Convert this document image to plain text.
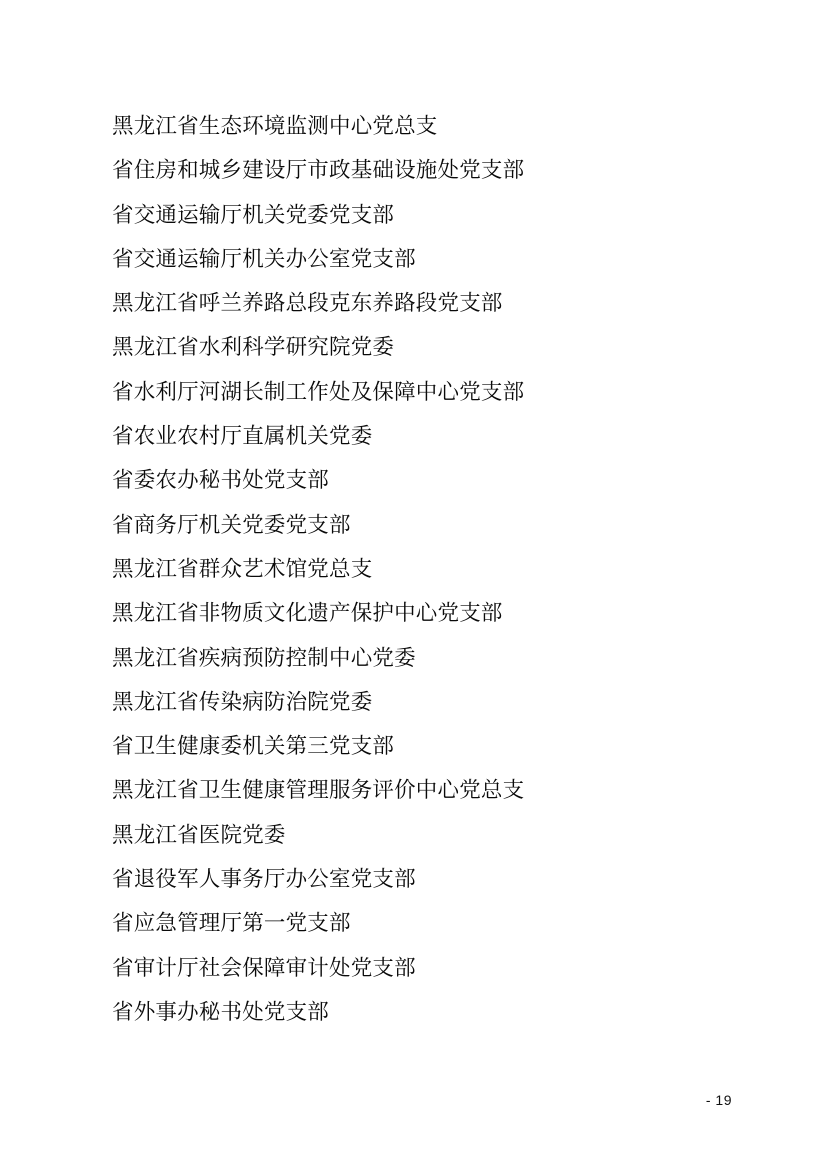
黑龙江省生态环境监测中心党总支
省住房和城乡建设厅市政基础设施处党支部
省交通运输厅机关党委党支部
省交通运输厅机关办公室党支部
黑龙江省呼兰养路总段克东养路段党支部
黑龙江省水利科学研究院党委
省水利厅河湖长制工作处及保障中心党支部
省农业农村厅直属机关党委
省委农办秘书处党支部
省商务厅机关党委党支部
黑龙江省群众艺术馆党总支
黑龙江省非物质文化遗产保护中心党支部
黑龙江省疾病预防控制中心党委
黑龙江省传染病防治院党委
省卫生健康委机关第三党支部
黑龙江省卫生健康管理服务评价中心党总支
黑龙江省医院党委
省退役军人事务厅办公室党支部
省应急管理厅第一党支部
省审计厅社会保障审计处党支部
省外事办秘书处党支部
- 19
